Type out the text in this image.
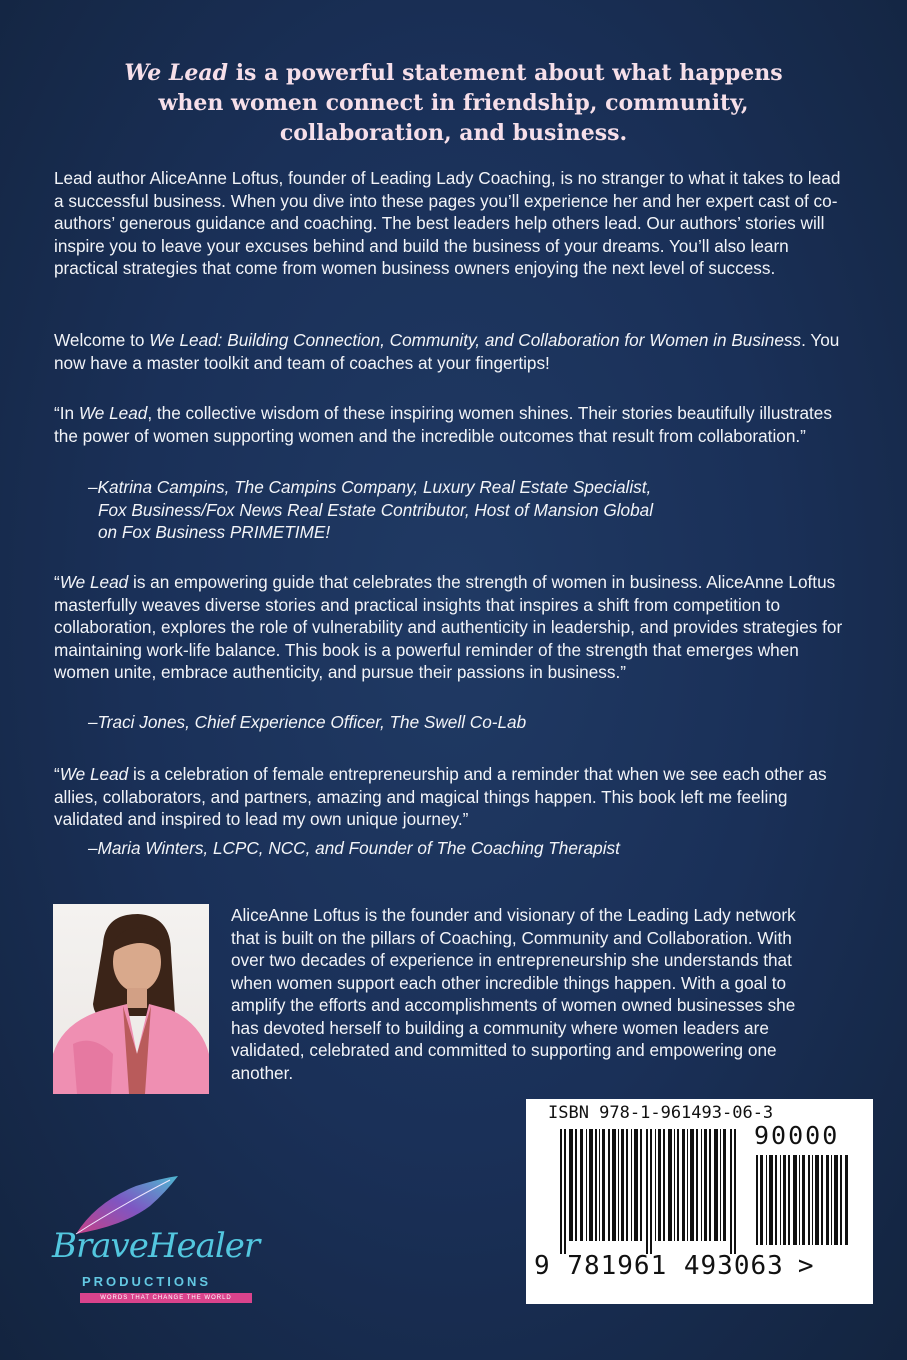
We Lead is a powerful statement about what happens
when women connect in friendship, community,
collaboration, and business.

Lead author AliceAnne Loftus, founder of Leading Lady Coaching, is no stranger to what it takes to lead a successful business. When you dive into these pages you’ll experience her and her expert cast of co-authors’ generous guidance and coaching. The best leaders help others lead. Our authors’ stories will inspire you to leave your excuses behind and build the business of your dreams. You’ll also learn practical strategies that come from women business owners enjoying the next level of success.

Welcome to We Lead: Building Connection, Community, and Collaboration for Women in Business. You now have a master toolkit and team of coaches at your fingertips!

“In We Lead, the collective wisdom of these inspiring women shines. Their stories beautifully illustrates the power of women supporting women and the incredible outcomes that result from collaboration.”

–Katrina Campins, The Campins Company, Luxury Real Estate Specialist,
Fox Business/Fox News Real Estate Contributor, Host of Mansion Global
on Fox Business PRIMETIME!

“We Lead is an empowering guide that celebrates the strength of women in business. AliceAnne Loftus masterfully weaves diverse stories and practical insights that inspires a shift from competition to collaboration, explores the role of vulnerability and authenticity in leadership, and provides strategies for maintaining work-life balance. This book is a powerful reminder of the strength that emerges when women unite, embrace authenticity, and pursue their passions in business.”

–Traci Jones, Chief Experience Officer, The Swell Co-Lab

“We Lead is a celebration of female entrepreneurship and a reminder that when we see each other as allies, collaborators, and partners, amazing and magical things happen. This book left me feeling validated and inspired to lead my own unique journey.”

–Maria Winters, LCPC, NCC, and Founder of The Coaching Therapist

AliceAnne Loftus is the founder and visionary of the Leading Lady network that is built on the pillars of Coaching, Community and Collaboration. With over two decades of experience in entrepreneurship she understands that when women support each other incredible things happen. With a goal to amplify the efforts and accomplishments of women owned businesses she has devoted herself to building a community where women leaders are validated, celebrated and committed to supporting and empowering one another.

ISBN 978-1-961493-06-3
90000
9 781961 493063 >
BraveHealer
PRODUCTIONS
WORDS THAT CHANGE THE WORLD
